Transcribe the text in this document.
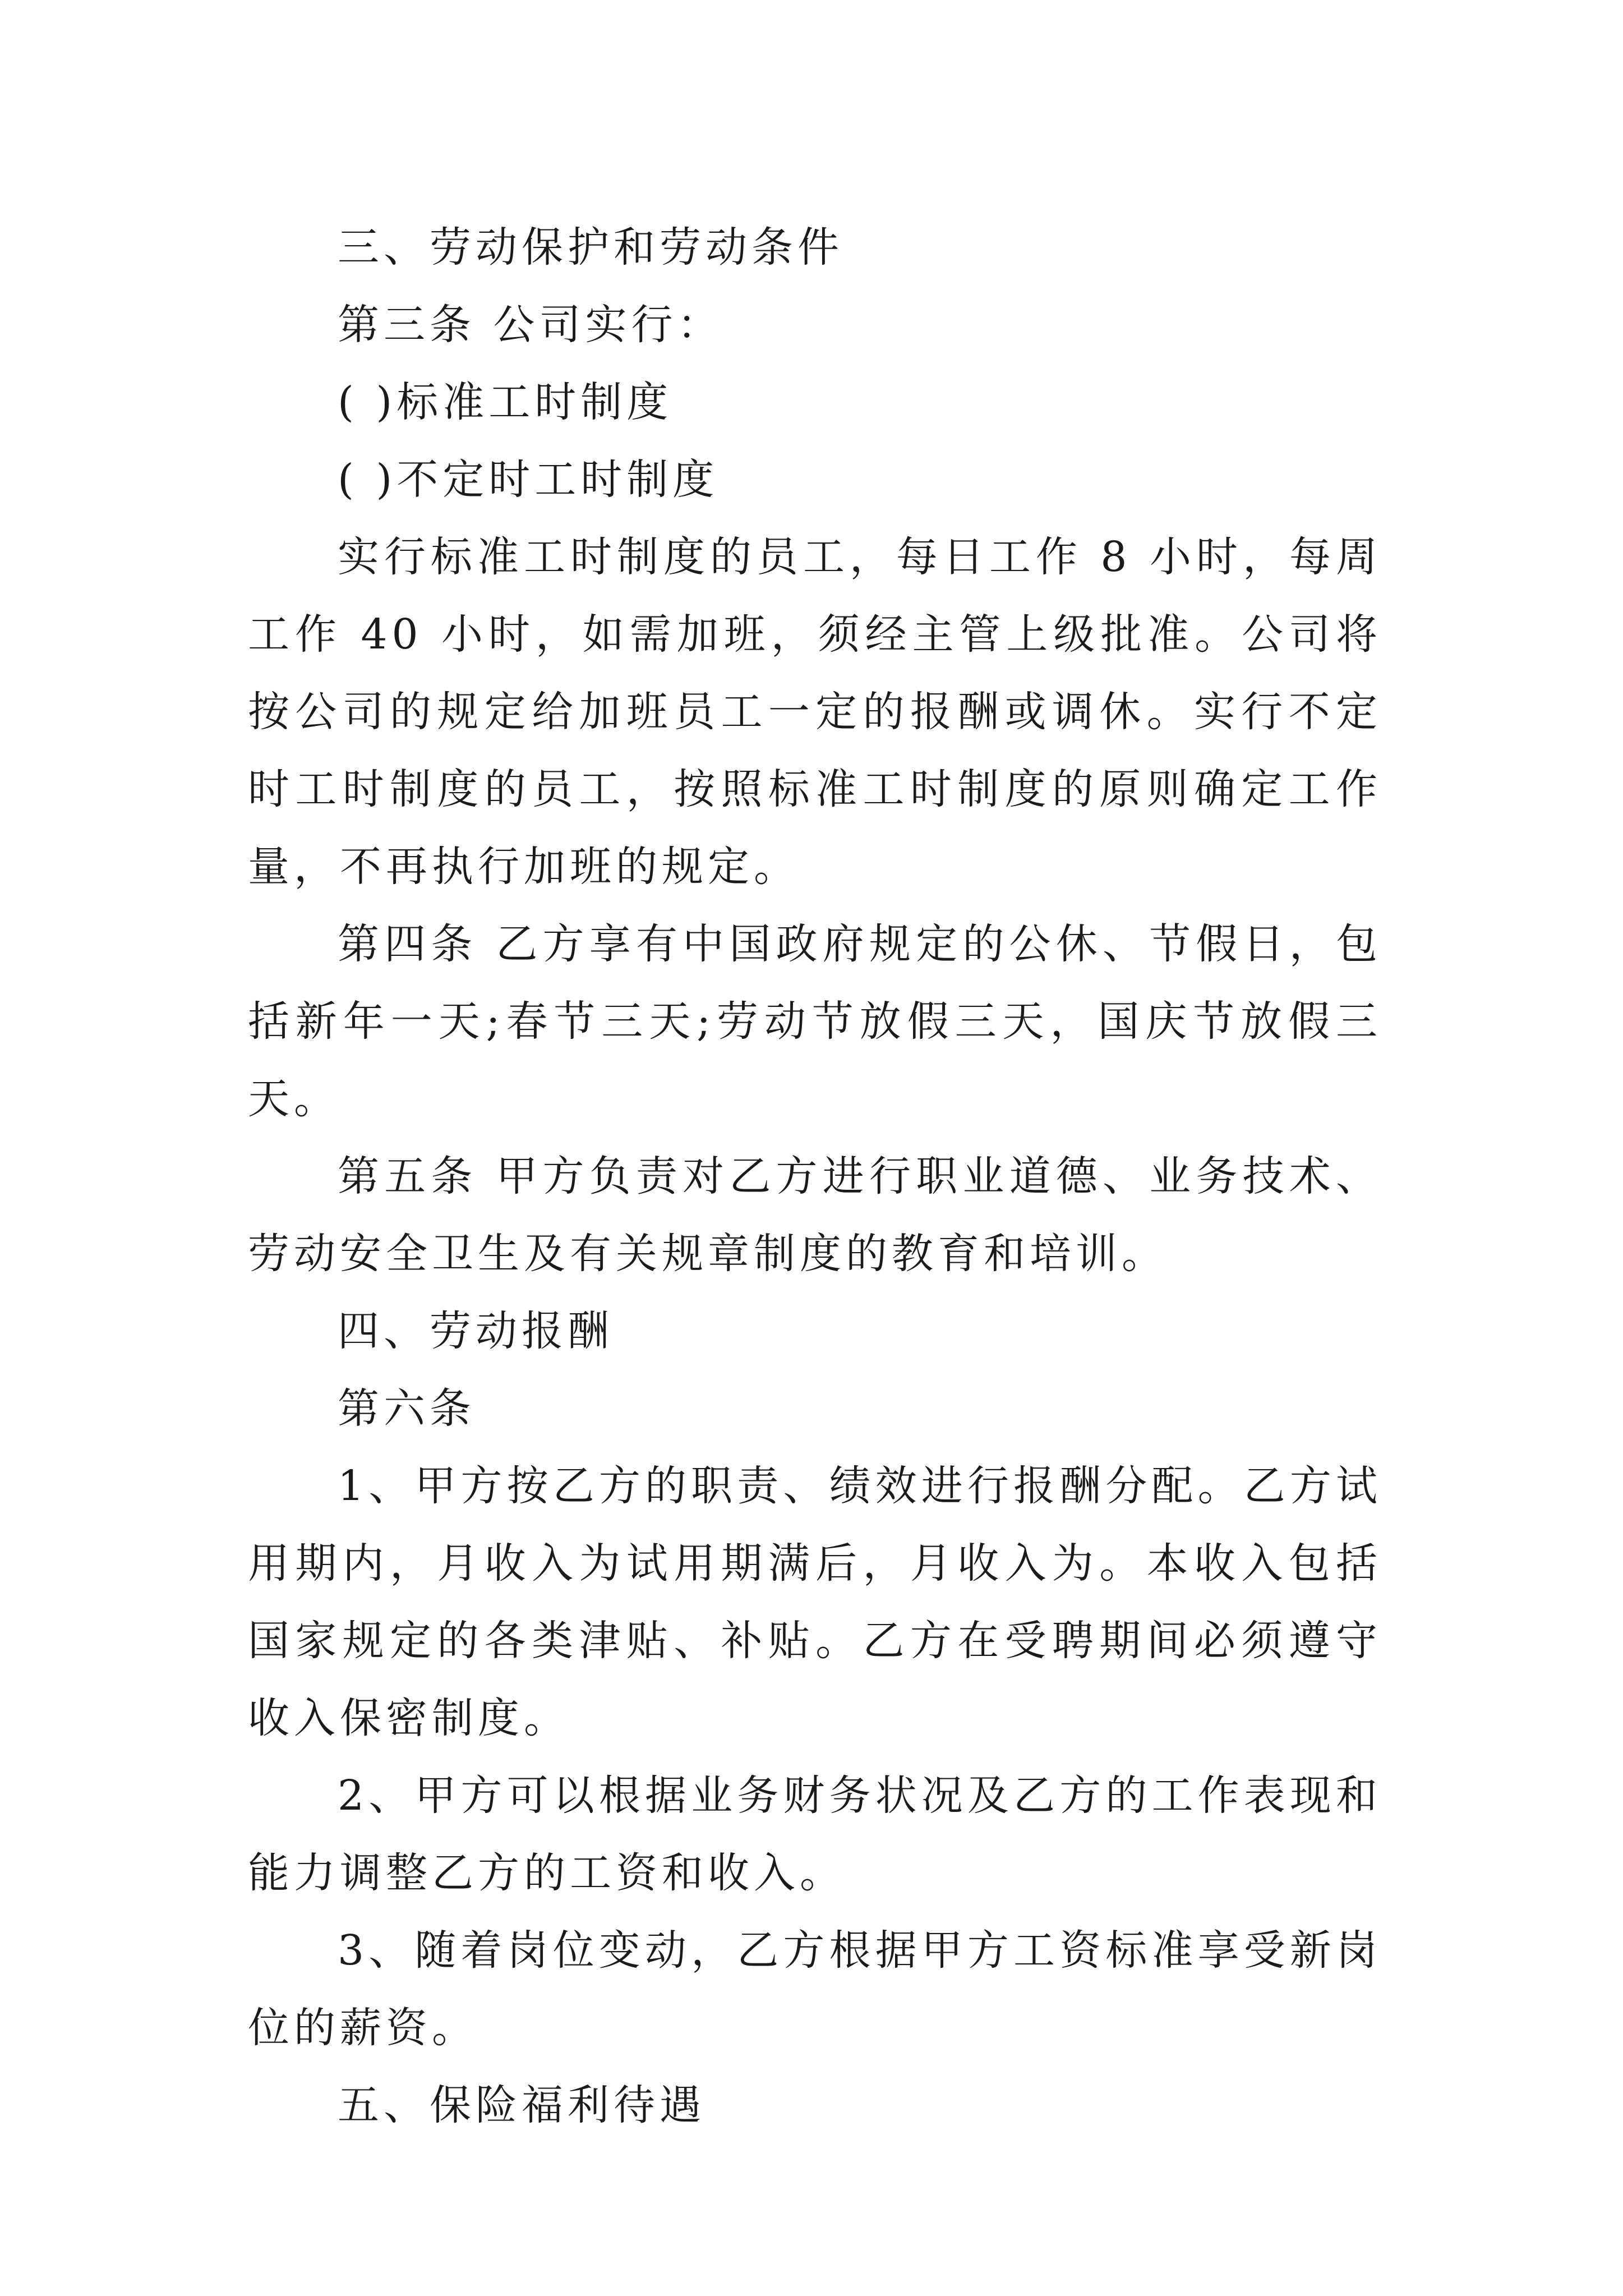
三、劳动保护和劳动条件

第三条 公司实行：

( )标准工时制度

( )不定时工时制度

实行标准工时制度的员工，每日工作 8 小时，每周工作 40 小时，如需加班，须经主管上级批准。公司将按公司的规定给加班员工一定的报酬或调休。实行不定时工时制度的员工，按照标准工时制度的原则确定工作量，不再执行加班的规定。

第四条 乙方享有中国政府规定的公休、节假日，包括新年一天;春节三天;劳动节放假三天，国庆节放假三天。

第五条 甲方负责对乙方进行职业道德、业务技术、劳动安全卫生及有关规章制度的教育和培训。

四、劳动报酬

第六条

1、甲方按乙方的职责、绩效进行报酬分配。乙方试用期内，月收入为试用期满后，月收入为。本收入包括国家规定的各类津贴、补贴。乙方在受聘期间必须遵守收入保密制度。

2、甲方可以根据业务财务状况及乙方的工作表现和能力调整乙方的工资和收入。

3、随着岗位变动，乙方根据甲方工资标准享受新岗位的薪资。

五、保险福利待遇
